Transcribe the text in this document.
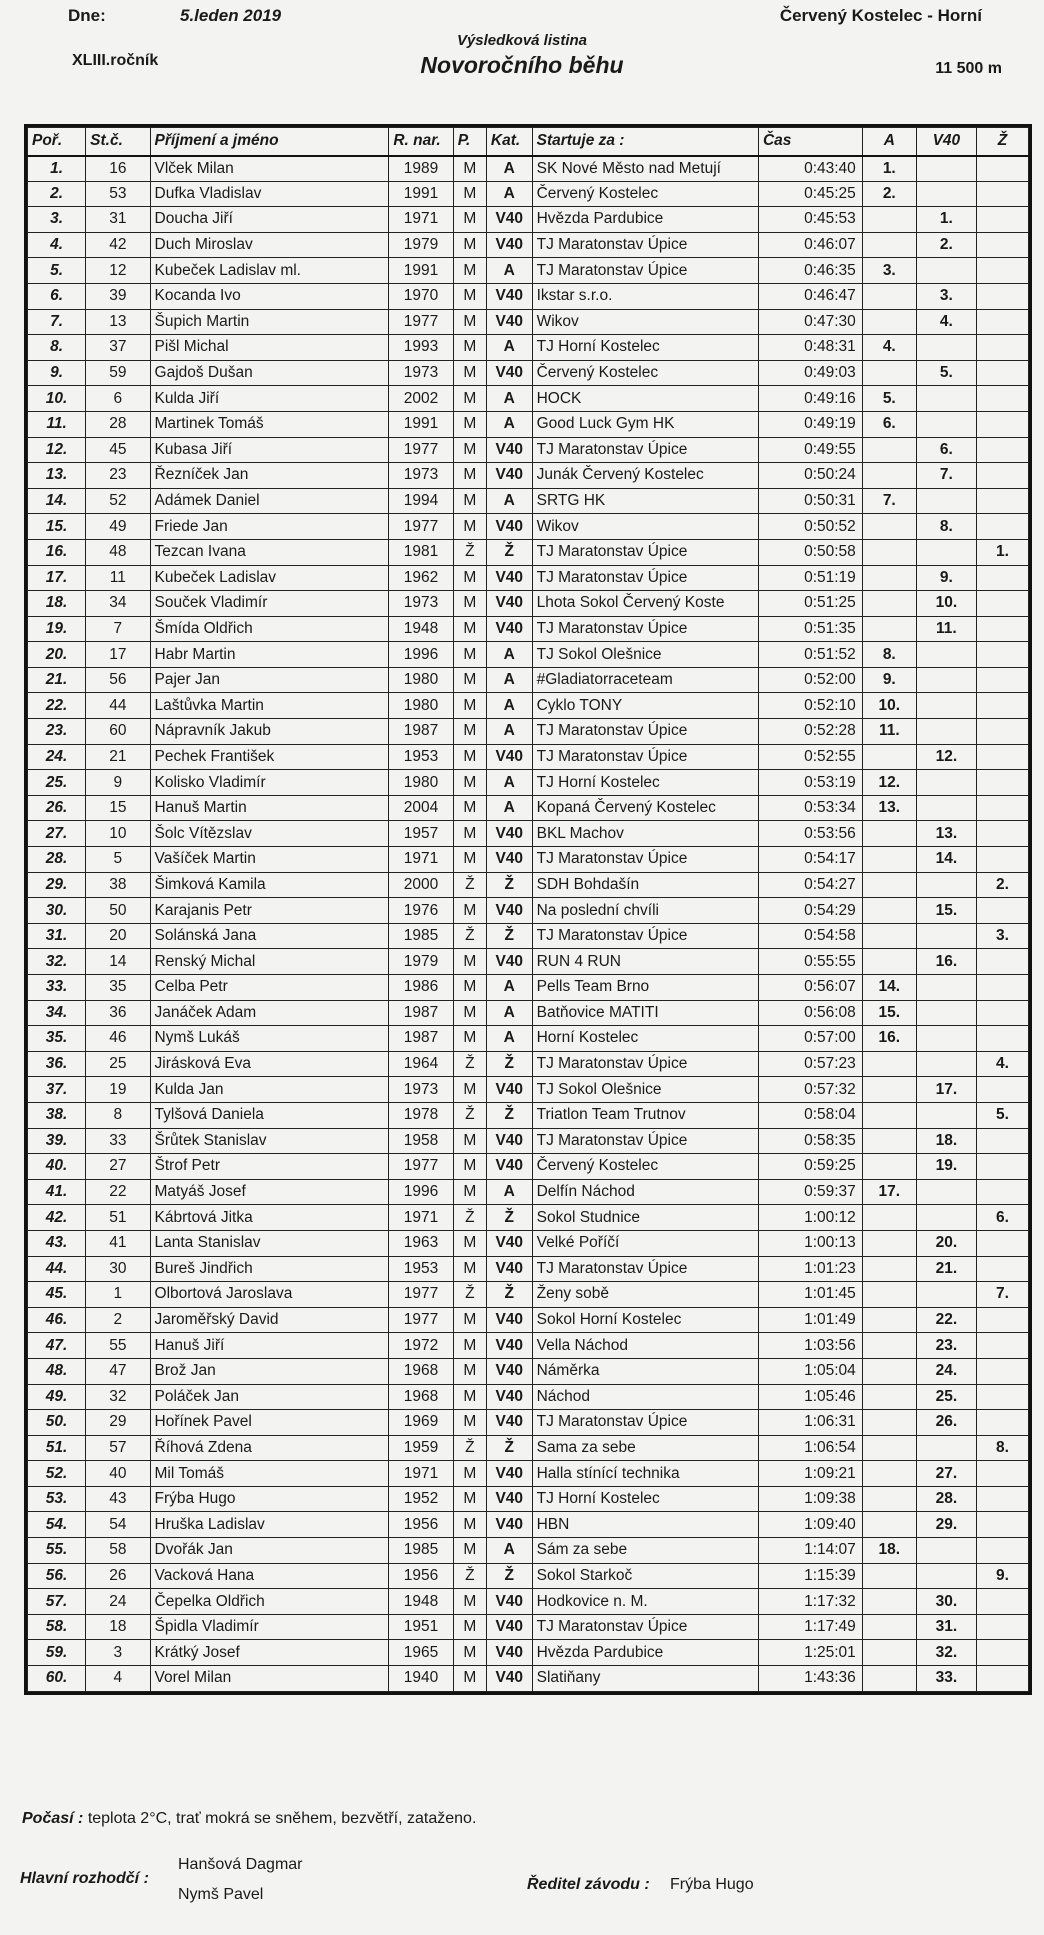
Dne:	5.leden 2019	Červený Kostelec - Horní
Výsledková listina
Novoročního běhu
XLIII.ročník	11 500 m
Poř.	St.č.	Příjmení a jméno	R. nar.	P.	Kat.	Startuje za :	Čas	A	V40	Ž
1.	16	Vlček Milan	1989	M	A	SK Nové Město nad Metují	0:43:40	1.		
2.	53	Dufka Vladislav	1991	M	A	Červený Kostelec	0:45:25	2.		
3.	31	Doucha Jiří	1971	M	V40	Hvězda Pardubice	0:45:53		1.	
4.	42	Duch Miroslav	1979	M	V40	TJ Maratonstav Úpice	0:46:07		2.	
5.	12	Kubeček Ladislav ml.	1991	M	A	TJ Maratonstav Úpice	0:46:35	3.		
6.	39	Kocanda Ivo	1970	M	V40	Ikstar s.r.o.	0:46:47		3.	
7.	13	Šupich Martin	1977	M	V40	Wikov	0:47:30		4.	
8.	37	Pišl Michal	1993	M	A	TJ Horní Kostelec	0:48:31	4.		
9.	59	Gajdoš Dušan	1973	M	V40	Červený Kostelec	0:49:03		5.	
10.	6	Kulda Jiří	2002	M	A	HOCK	0:49:16	5.		
11.	28	Martinek Tomáš	1991	M	A	Good Luck Gym HK	0:49:19	6.		
12.	45	Kubasa Jiří	1977	M	V40	TJ Maratonstav Úpice	0:49:55		6.	
13.	23	Řezníček Jan	1973	M	V40	Junák Červený Kostelec	0:50:24		7.	
14.	52	Adámek Daniel	1994	M	A	SRTG HK	0:50:31	7.		
15.	49	Friede Jan	1977	M	V40	Wikov	0:50:52		8.	
16.	48	Tezcan Ivana	1981	Ž	Ž	TJ Maratonstav Úpice	0:50:58			1.
17.	11	Kubeček Ladislav	1962	M	V40	TJ Maratonstav Úpice	0:51:19		9.	
18.	34	Souček Vladimír	1973	M	V40	Lhota Sokol Červený Koste	0:51:25		10.	
19.	7	Šmída Oldřich	1948	M	V40	TJ Maratonstav Úpice	0:51:35		11.	
20.	17	Habr Martin	1996	M	A	TJ Sokol Olešnice	0:51:52	8.		
21.	56	Pajer Jan	1980	M	A	#Gladiatorraceteam	0:52:00	9.		
22.	44	Laštůvka Martin	1980	M	A	Cyklo TONY	0:52:10	10.		
23.	60	Nápravník Jakub	1987	M	A	TJ Maratonstav Úpice	0:52:28	11.		
24.	21	Pechek František	1953	M	V40	TJ Maratonstav Úpice	0:52:55		12.	
25.	9	Kolisko Vladimír	1980	M	A	TJ Horní Kostelec	0:53:19	12.		
26.	15	Hanuš Martin	2004	M	A	Kopaná Červený Kostelec	0:53:34	13.		
27.	10	Šolc Vítězslav	1957	M	V40	BKL Machov	0:53:56		13.	
28.	5	Vašíček Martin	1971	M	V40	TJ Maratonstav Úpice	0:54:17		14.	
29.	38	Šimková Kamila	2000	Ž	Ž	SDH Bohdašín	0:54:27			2.
30.	50	Karajanis Petr	1976	M	V40	Na poslední chvíli	0:54:29		15.	
31.	20	Solánská Jana	1985	Ž	Ž	TJ Maratonstav Úpice	0:54:58			3.
32.	14	Renský Michal	1979	M	V40	RUN 4 RUN	0:55:55		16.	
33.	35	Celba Petr	1986	M	A	Pells Team Brno	0:56:07	14.		
34.	36	Janáček Adam	1987	M	A	Batňovice MATITI	0:56:08	15.		
35.	46	Nymš Lukáš	1987	M	A	Horní Kostelec	0:57:00	16.		
36.	25	Jirásková Eva	1964	Ž	Ž	TJ Maratonstav Úpice	0:57:23			4.
37.	19	Kulda Jan	1973	M	V40	TJ Sokol Olešnice	0:57:32		17.	
38.	8	Tylšová Daniela	1978	Ž	Ž	Triatlon Team Trutnov	0:58:04			5.
39.	33	Šrůtek Stanislav	1958	M	V40	TJ Maratonstav Úpice	0:58:35		18.	
40.	27	Štrof Petr	1977	M	V40	Červený Kostelec	0:59:25		19.	
41.	22	Matyáš Josef	1996	M	A	Delfín Náchod	0:59:37	17.		
42.	51	Kábrtová Jitka	1971	Ž	Ž	Sokol Studnice	1:00:12			6.
43.	41	Lanta Stanislav	1963	M	V40	Velké Poříčí	1:00:13		20.	
44.	30	Bureš Jindřich	1953	M	V40	TJ Maratonstav Úpice	1:01:23		21.	
45.	1	Olbortová Jaroslava	1977	Ž	Ž	Ženy sobě	1:01:45			7.
46.	2	Jaroměřský David	1977	M	V40	Sokol Horní Kostelec	1:01:49		22.	
47.	55	Hanuš Jiří	1972	M	V40	Vella Náchod	1:03:56		23.	
48.	47	Brož Jan	1968	M	V40	Náměrka	1:05:04		24.	
49.	32	Poláček Jan	1968	M	V40	Náchod	1:05:46		25.	
50.	29	Hořínek Pavel	1969	M	V40	TJ Maratonstav Úpice	1:06:31		26.	
51.	57	Říhová Zdena	1959	Ž	Ž	Sama za sebe	1:06:54			8.
52.	40	Mil Tomáš	1971	M	V40	Halla stínící technika	1:09:21		27.	
53.	43	Frýba Hugo	1952	M	V40	TJ Horní Kostelec	1:09:38		28.	
54.	54	Hruška Ladislav	1956	M	V40	HBN	1:09:40		29.	
55.	58	Dvořák Jan	1985	M	A	Sám za sebe	1:14:07	18.		
56.	26	Vacková Hana	1956	Ž	Ž	Sokol Starkoč	1:15:39			9.
57.	24	Čepelka Oldřich	1948	M	V40	Hodkovice n. M.	1:17:32		30.	
58.	18	Špidla Vladimír	1951	M	V40	TJ Maratonstav Úpice	1:17:49		31.	
59.	3	Krátký Josef	1965	M	V40	Hvězda Pardubice	1:25:01		32.	
60.	4	Vorel Milan	1940	M	V40	Slatiňany	1:43:36		33.	
Počasí : teplota 2°C, trať mokrá se sněhem, bezvětří, zataženo.
Hlavní rozhodčí :
Hanšová Dagmar
Nymš Pavel
Ředitel závodu : Frýba Hugo
